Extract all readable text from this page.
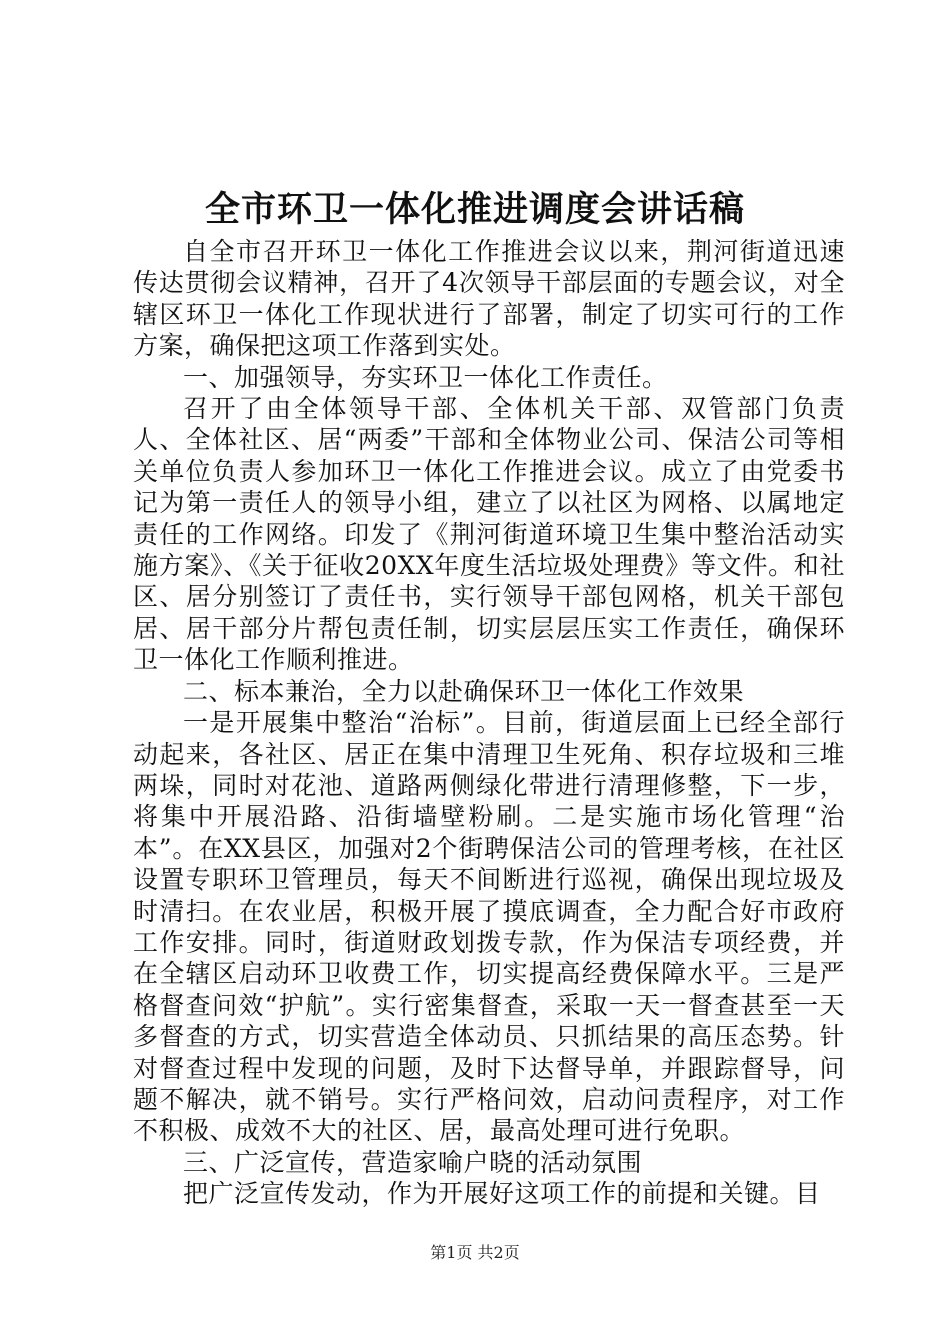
全市环卫一体化推进调度会讲话稿

自全市召开环卫一体化工作推进会议以来，荆河街道迅速传达贯彻会议精神，召开了4次领导干部层面的专题会议，对全辖区环卫一体化工作现状进行了部署，制定了切实可行的工作方案，确保把这项工作落到实处。

一、加强领导，夯实环卫一体化工作责任。

召开了由全体领导干部、全体机关干部、双管部门负责人、全体社区、居“两委”干部和全体物业公司、保洁公司等相关单位负责人参加环卫一体化工作推进会议。成立了由党委书记为第一责任人的领导小组，建立了以社区为网格、以属地定责任的工作网络。印发了《荆河街道环境卫生集中整治活动实施方案》、《关于征收20XX年度生活垃圾处理费》等文件。和社区、居分别签订了责任书，实行领导干部包网格，机关干部包居、居干部分片帮包责任制，切实层层压实工作责任，确保环卫一体化工作顺利推进。

二、标本兼治，全力以赴确保环卫一体化工作效果

一是开展集中整治“治标”。目前，街道层面上已经全部行动起来，各社区、居正在集中清理卫生死角、积存垃圾和三堆两垛，同时对花池、道路两侧绿化带进行清理修整，下一步，将集中开展沿路、沿街墙壁粉刷。二是实施市场化管理“治本”。在XX县区，加强对2个街聘保洁公司的管理考核，在社区设置专职环卫管理员，每天不间断进行巡视，确保出现垃圾及时清扫。在农业居，积极开展了摸底调查，全力配合好市政府工作安排。同时，街道财政划拨专款，作为保洁专项经费，并在全辖区启动环卫收费工作，切实提高经费保障水平。三是严格督查问效“护航”。实行密集督查，采取一天一督查甚至一天多督查的方式，切实营造全体动员、只抓结果的高压态势。针对督查过程中发现的问题，及时下达督导单，并跟踪督导，问题不解决，就不销号。实行严格问效，启动问责程序，对工作不积极、成效不大的社区、居，最高处理可进行免职。

三、广泛宣传，营造家喻户晓的活动氛围

把广泛宣传发动，作为开展好这项工作的前提和关键。目

第1页 共2页
